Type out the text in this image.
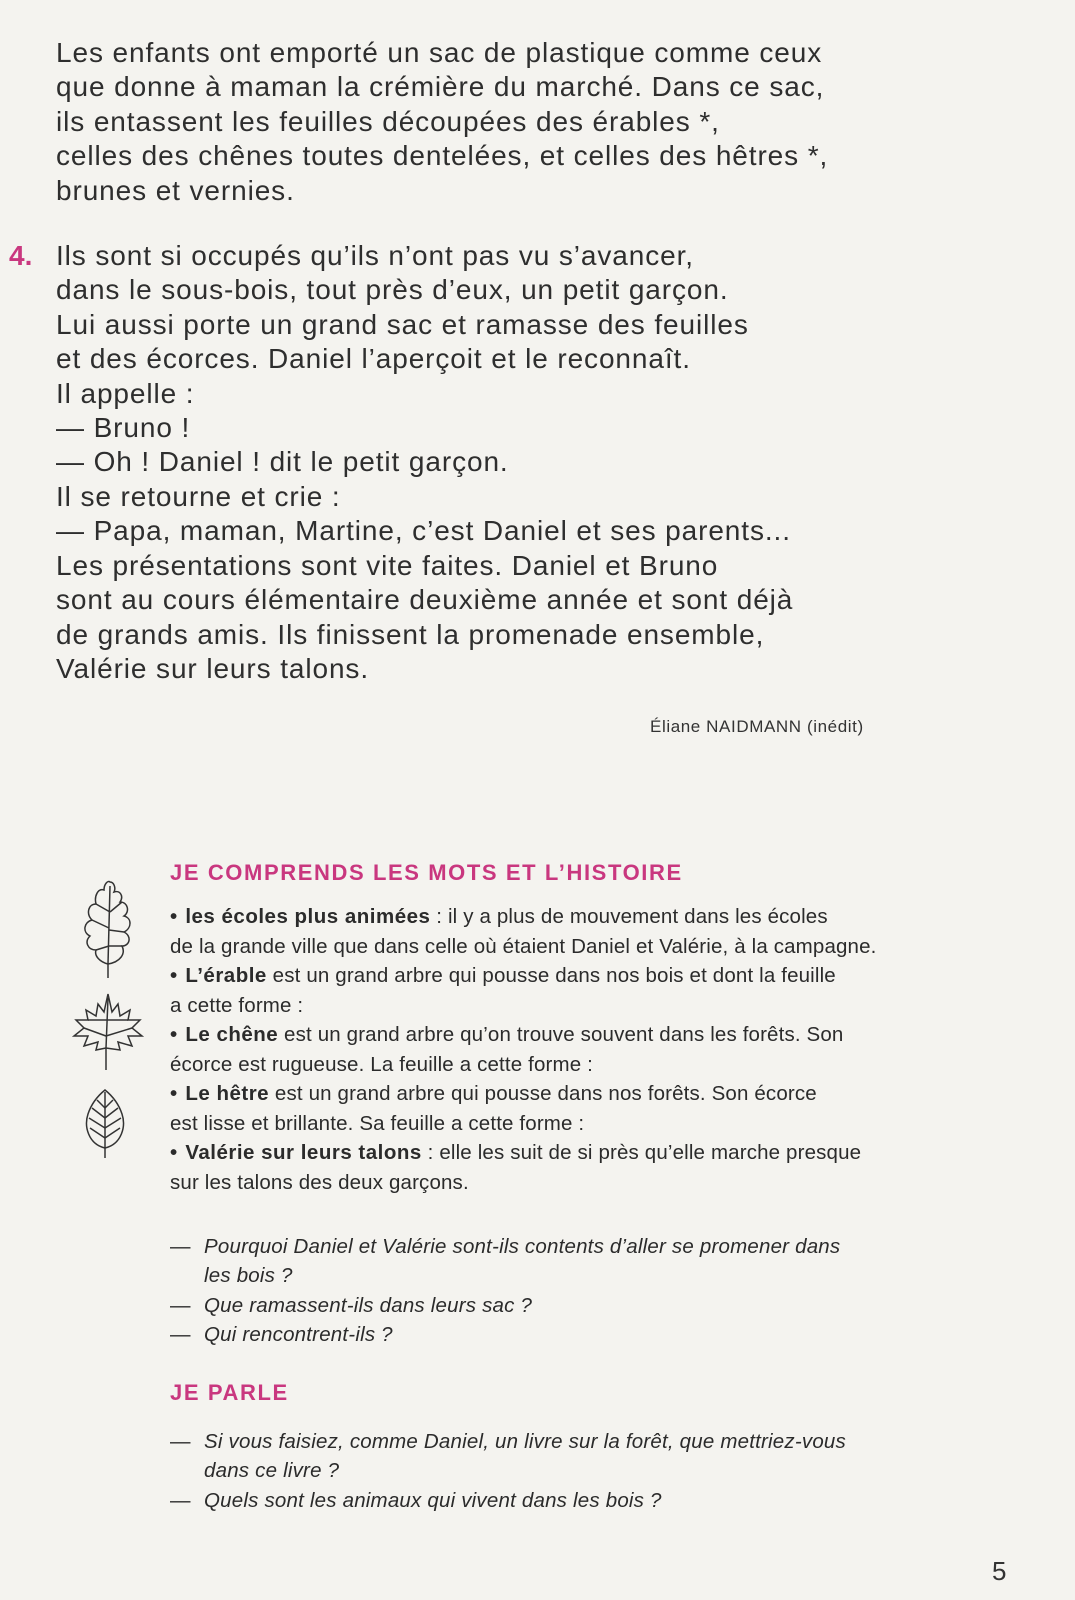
Les enfants ont emporté un sac de plastique comme ceux
que donne à maman la crémière du marché. Dans ce sac,
ils entassent les feuilles découpées des érables *,
celles des chênes toutes dentelées, et celles des hêtres *,
brunes et vernies.
4. Ils sont si occupés qu’ils n’ont pas vu s’avancer,
dans le sous-bois, tout près d’eux, un petit garçon.
Lui aussi porte un grand sac et ramasse des feuilles
et des écorces. Daniel l’aperçoit et le reconnaît.
Il appelle :
— Bruno !
— Oh ! Daniel ! dit le petit garçon.
Il se retourne et crie :
— Papa, maman, Martine, c’est Daniel et ses parents...
Les présentations sont vite faites. Daniel et Bruno
sont au cours élémentaire deuxième année et sont déjà
de grands amis. Ils finissent la promenade ensemble,
Valérie sur leurs talons.
Éliane NAIDMANN (inédit)
JE COMPRENDS LES MOTS ET L’HISTOIRE
• les écoles plus animées : il y a plus de mouvement dans les écoles
de la grande ville que dans celle où étaient Daniel et Valérie, à la campagne.
• L’érable est un grand arbre qui pousse dans nos bois et dont la feuille
a cette forme :
• Le chêne est un grand arbre qu’on trouve souvent dans les forêts. Son
écorce est rugueuse. La feuille a cette forme :
• Le hêtre est un grand arbre qui pousse dans nos forêts. Son écorce
est lisse et brillante. Sa feuille a cette forme :
• Valérie sur leurs talons : elle les suit de si près qu’elle marche presque
sur les talons des deux garçons.
— Pourquoi Daniel et Valérie sont-ils contents d’aller se promener dans
les bois ?
— Que ramassent-ils dans leurs sac ?
— Qui rencontrent-ils ?
JE PARLE
— Si vous faisiez, comme Daniel, un livre sur la forêt, que mettriez-vous
dans ce livre ?
— Quels sont les animaux qui vivent dans les bois ?
5
